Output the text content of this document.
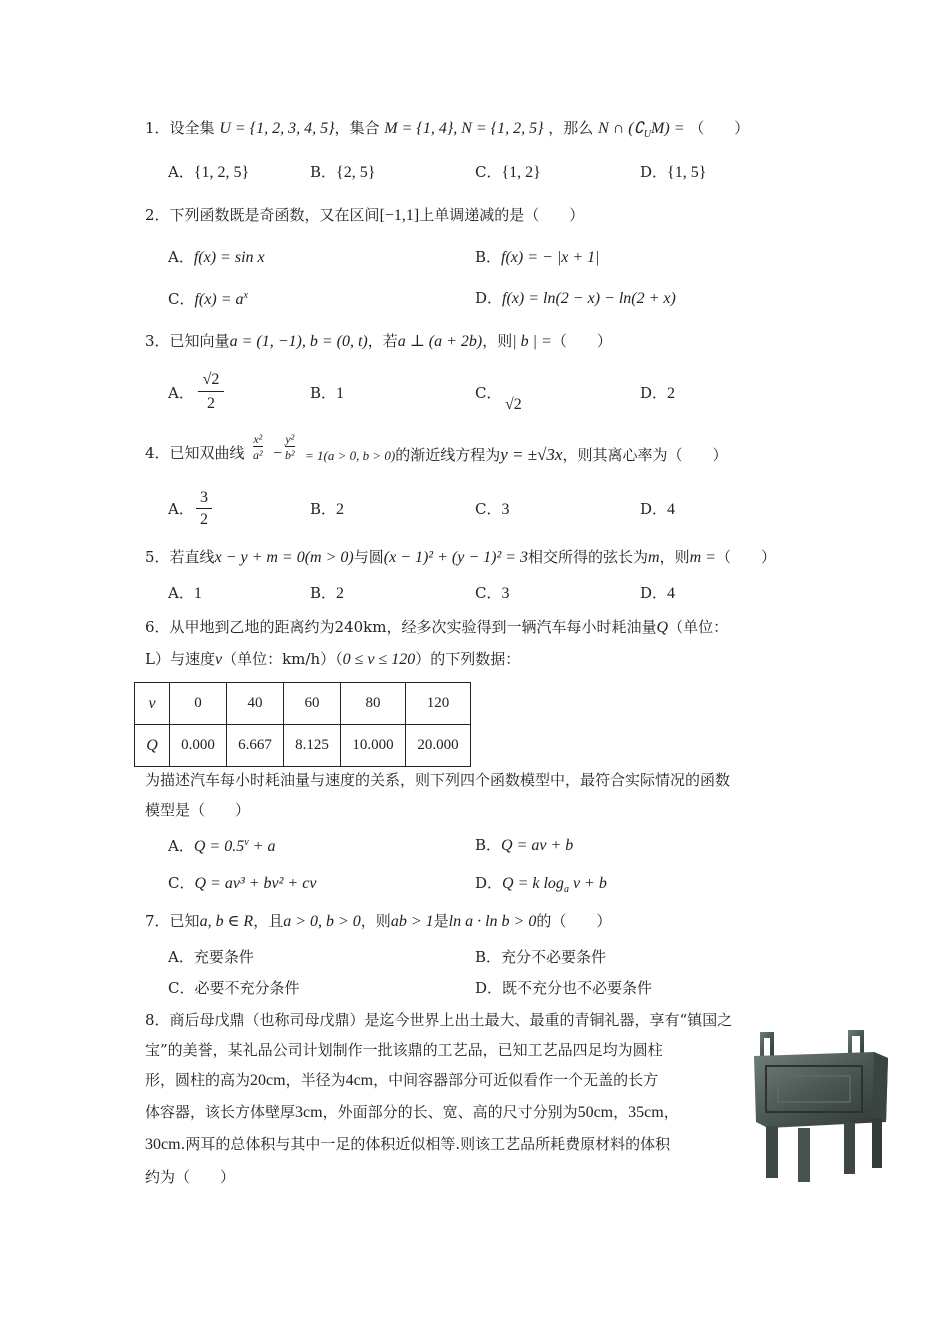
1．设全集 U = {1, 2, 3, 4, 5}，集合 M = {1, 4}, N = {1, 2, 5} ，那么 N ∩ $(∁_UM)$ = （　　）
A．{1, 2, 5}	B．{2, 5}	C．{1, 2}	D．{1, 5}
2．下列函数既是奇函数，又在区间[−1,1]上单调递减的是（　　）
A．f(x) = sin x	B．f(x) = − |x + 1|
C．$f(x) = a^x$	D．f(x) = ln(2 − x) − ln(2 + x)
3．已知向量a = (1, −1), b = (0, t)，若a ⊥ (a + 2b)，则| b | =（　　）
A．
√2
2
B．1	C．
√2
D．2
4．已知双曲线
x²
a² −
y²
b² = 1(a > 0, b > 0)的渐近线方程为y = ±√3x，则其离心率为（　　）
A．
3
2
B．2	C．3	D．4
5．若直线x − y + m = 0(m > 0)与圆(x − 1)² + (y − 1)² = 3相交所得的弦长为m，则m =（　　）
A．1	B．2	C．3	D．4
6．从甲地到乙地的距离约为240km，经多次实验得到一辆汽车每小时耗油量Q（单位：
L）与速度v（单位：km/h）（0 ≤ v ≤ 120）的下列数据：
v	0	40	60	80	120
Q	0.000	6.667	8.125	10.000	20.000
为描述汽车每小时耗油量与速度的关系，则下列四个函数模型中，最符合实际情况的函数
模型是（　　）
A．$Q = 0.5^v + a$	B．Q = av + b
C．Q = av³ + bv² + cv	D．Q = k $\log_a v + b$
7．已知a, b ∈ R，且a > 0, b > 0，则ab > 1是ln a · ln b > 0的（　　）
A．充要条件	B．充分不必要条件
C．必要不充分条件	D．既不充分也不必要条件
8．商后母戊鼎（也称司母戊鼎）是迄今世界上出土最大、最重的青铜礼器，享有“镇国之
宝”的美誉，某礼品公司计划制作一批该鼎的工艺品，已知工艺品四足均为圆柱
形，圆柱的高为20cm，半径为4cm，中间容器部分可近似看作一个无盖的长方
体容器，该长方体壁厚3cm，外面部分的长、宽、高的尺寸分别为50cm，35cm，
30cm.两耳的总体积与其中一足的体积近似相等.则该工艺品所耗费原材料的体积
约为（　　）
